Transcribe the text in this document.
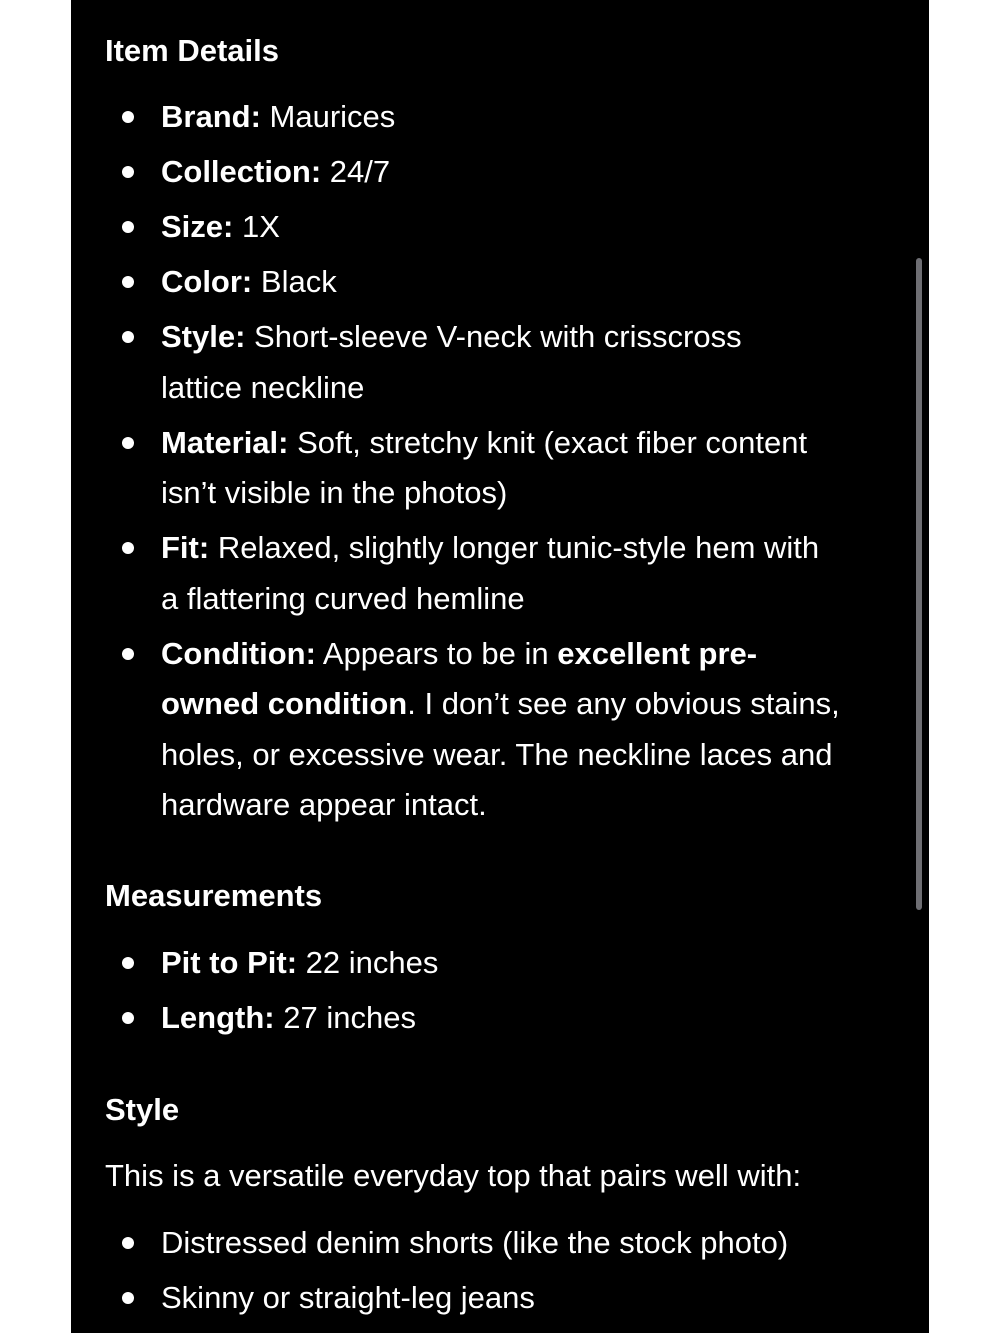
Item Details
Brand: Maurices
Collection: 24/7
Size: 1X
Color: Black
Style: Short-sleeve V-neck with crisscross
lattice neckline
Material: Soft, stretchy knit (exact fiber content
isn’t visible in the photos)
Fit: Relaxed, slightly longer tunic-style hem with
a flattering curved hemline
Condition: Appears to be in excellent pre-
owned condition. I don’t see any obvious stains,
holes, or excessive wear. The neckline laces and
hardware appear intact.
Measurements
Pit to Pit: 22 inches
Length: 27 inches
Style
This is a versatile everyday top that pairs well with:
Distressed denim shorts (like the stock photo)
Skinny or straight-leg jeans
